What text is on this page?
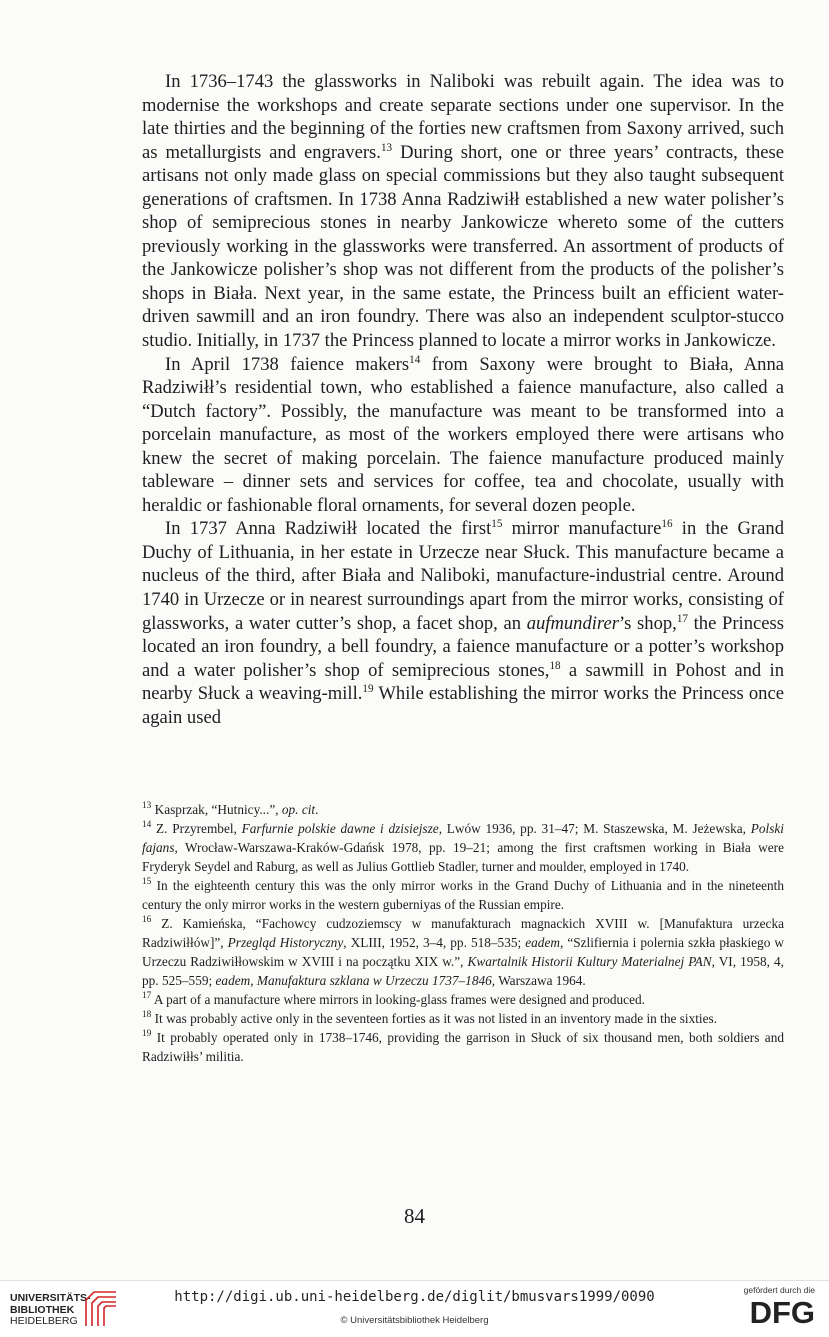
In 1736–1743 the glassworks in Naliboki was rebuilt again. The idea was to modernise the workshops and create separate sections under one supervisor. In the late thirties and the beginning of the forties new craftsmen from Saxony arrived, such as metallurgists and engravers.$^{13}$ During short, one or three years’ contracts, these artisans not only made glass on special commissions but they also taught subsequent generations of craftsmen. In 1738 Anna Radziwiłł established a new water polisher’s shop of semiprecious stones in nearby Jankowicze whereto some of the cutters previously working in the glassworks were transferred. An assortment of products of the Jankowicze polisher’s shop was not different from the products of the polisher’s shops in Biała. Next year, in the same estate, the Princess built an efficient water-driven sawmill and an iron foundry. There was also an independent sculptor-stucco studio. Initially, in 1737 the Princess planned to locate a mirror works in Jankowicze.

In April 1738 faience makers$^{14}$ from Saxony were brought to Biała, Anna Radziwiłł’s residential town, who established a faience manufacture, also called a “Dutch factory”. Possibly, the manufacture was meant to be transformed into a porcelain manufacture, as most of the workers employed there were artisans who knew the secret of making porcelain. The faience manufacture produced mainly tableware – dinner sets and services for coffee, tea and chocolate, usually with heraldic or fashionable floral ornaments, for several dozen people.

In 1737 Anna Radziwiłł located the first$^{15}$ mirror manufacture$^{16}$ in the Grand Duchy of Lithuania, in her estate in Urzecze near Słuck. This manufacture became a nucleus of the third, after Biała and Naliboki, manufacture-industrial centre. Around 1740 in Urzecze or in nearest surroundings apart from the mirror works, consisting of glassworks, a water cutter’s shop, a facet shop, an aufmundirer’s shop,$^{17}$ the Princess located an iron foundry, a bell foundry, a faience manufacture or a potter’s workshop and a water polisher’s shop of semiprecious stones,$^{18}$ a sawmill in Pohost and in nearby Słuck a weaving-mill.$^{19}$ While establishing the mirror works the Princess once again used

$^{13}$ Kasprzak, “Hutnicy...”, op. cit.

$^{14}$ Z. Przyrembel, Farfurnie polskie dawne i dzisiejsze, Lwów 1936, pp. 31–47; M. Staszewska, M. Jeżewska, Polski fajans, Wrocław-Warszawa-Kraków-Gdańsk 1978, pp. 19–21; among the first craftsmen working in Biała were Fryderyk Seydel and Raburg, as well as Julius Gottlieb Stadler, turner and moulder, employed in 1740.

$^{15}$ In the eighteenth century this was the only mirror works in the Grand Duchy of Lithuania and in the nineteenth century the only mirror works in the western guberniyas of the Russian empire.

$^{16}$ Z. Kamieńska, “Fachowcy cudzoziemscy w manufakturach magnackich XVIII w. [Manufaktura urzecka Radziwiłłów]”, Przegląd Historyczny, XLIII, 1952, 3–4, pp. 518–535; eadem, “Szlifiernia i polernia szkła płaskiego w Urzeczu Radziwiłłowskim w XVIII i na początku XIX w.”, Kwartalnik Historii Kultury Materialnej PAN, VI, 1958, 4, pp. 525–559; eadem, Manufaktura szklana w Urzeczu 1737–1846, Warszawa 1964.

$^{17}$ A part of a manufacture where mirrors in looking-glass frames were designed and produced.

$^{18}$ It was probably active only in the seventeen forties as it was not listed in an inventory made in the sixties.

$^{19}$ It probably operated only in 1738–1746, providing the garrison in Słuck of six thousand men, both soldiers and Radziwiłłs’ militia.

84
UNIVERSITÄTS-
BIBLIOTHEK
HEIDELBERG
http://digi.ub.uni-heidelberg.de/diglit/bmusvars1999/0090
© Universitätsbibliothek Heidelberg
gefördert durch die
DFG
